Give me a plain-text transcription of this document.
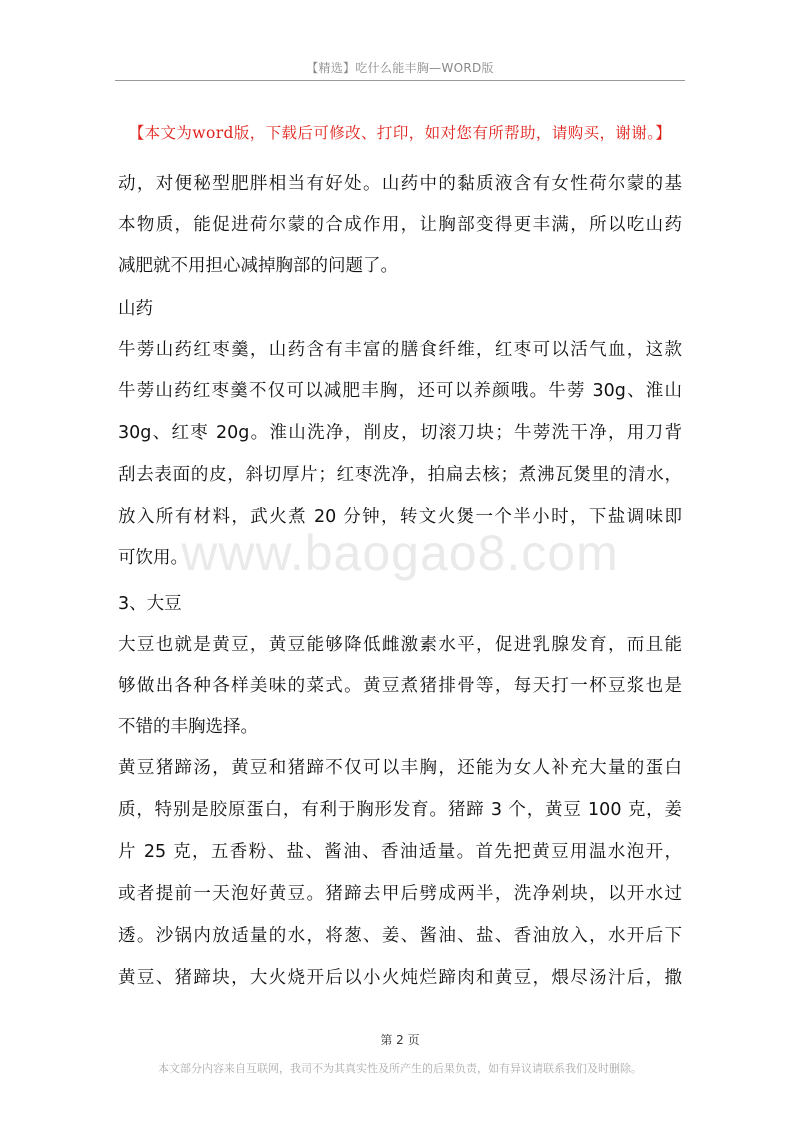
【精选】吃什么能丰胸—WORD版
【本文为word版，下载后可修改、打印，如对您有所帮助，请购买，谢谢。】
www.baogao8.com
动，对便秘型肥胖相当有好处。山药中的黏质液含有女性荷尔蒙的基
本物质，能促进荷尔蒙的合成作用，让胸部变得更丰满，所以吃山药
减肥就不用担心减掉胸部的问题了。
山药
牛蒡山药红枣羹，山药含有丰富的膳食纤维，红枣可以活气血，这款
牛蒡山药红枣羹不仅可以减肥丰胸，还可以养颜哦。牛蒡 30g、淮山
30g、红枣 20g。淮山洗净，削皮，切滚刀块；牛蒡洗干净，用刀背
刮去表面的皮，斜切厚片；红枣洗净，拍扁去核；煮沸瓦煲里的清水，
放入所有材料，武火煮 20 分钟，转文火煲一个半小时，下盐调味即
可饮用。
3、大豆
大豆也就是黄豆，黄豆能够降低雌激素水平，促进乳腺发育，而且能
够做出各种各样美味的菜式。黄豆煮猪排骨等，每天打一杯豆浆也是
不错的丰胸选择。
黄豆猪蹄汤，黄豆和猪蹄不仅可以丰胸，还能为女人补充大量的蛋白
质，特别是胶原蛋白，有利于胸形发育。猪蹄 3 个，黄豆 100 克，姜
片 25 克，五香粉、盐、酱油、香油适量。首先把黄豆用温水泡开，
或者提前一天泡好黄豆。猪蹄去甲后劈成两半，洗净剁块，以开水过
透。沙锅内放适量的水，将葱、姜、酱油、盐、香油放入，水开后下
黄豆、猪蹄块，大火烧开后以小火炖烂蹄肉和黄豆，煨尽汤汁后，撒
第 2 页
本文部分内容来自互联网，我司不为其真实性及所产生的后果负责，如有异议请联系我们及时删除。
